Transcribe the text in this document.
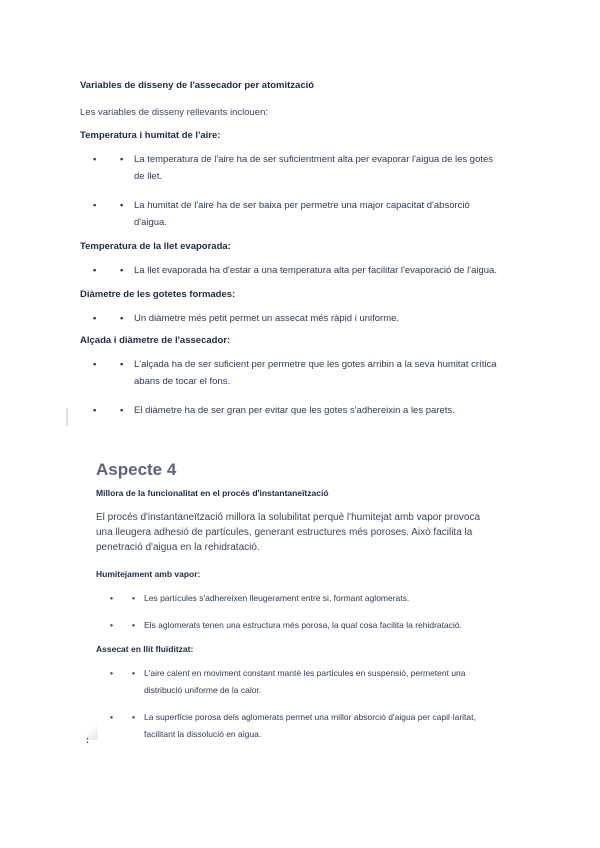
Variables de disseny de l'assecador per atomització

Les variables de disseny rellevants inclouen:

Temperatura i humitat de l'aire:

• • La temperatura de l'aire ha de ser suficientment alta per evaporar l'aigua de les gotes de llet.
• • La humitat de l'aire ha de ser baixa per permetre una major capacitat d'absorció d'aigua.

Temperatura de la llet evaporada:

• • La llet evaporada ha d'estar a una temperatura alta per facilitar l'evaporació de l'aigua.

Diàmetre de les gotetes formades:

• • Un diàmetre més petit permet un assecat més ràpid i uniforme.

Alçada i diàmetre de l'assecador:

• • L'alçada ha de ser suficient per permetre que les gotes arribin a la seva humitat crítica abans de tocar el fons.
• • El diàmetre ha de ser gran per evitar que les gotes s'adhereixin a les parets.

Aspecte 4

Millora de la funcionalitat en el procés d'instantaneïtzació

El procés d'instantaneïtzació millora la solubilitat perquè l'humitejat amb vapor provoca una lleugera adhesió de partícules, generant estructures més poroses. Això facilita la penetració d'aigua en la rehidratació.

Humitejament amb vapor:

• • Les partícules s'adhereixen lleugerament entre si, formant aglomerats.
• • Els aglomerats tenen una estructura més porosa, la qual cosa facilita la rehidratació.

Assecat en llit fluïditzat:

• • L'aire calent en moviment constant manté les partícules en suspensió, permetent una distribució uniforme de la calor.
• • La superfície porosa dels aglomerats permet una millor absorció d'aigua per capil·laritat, facilitant la dissolució en aigua.
:
